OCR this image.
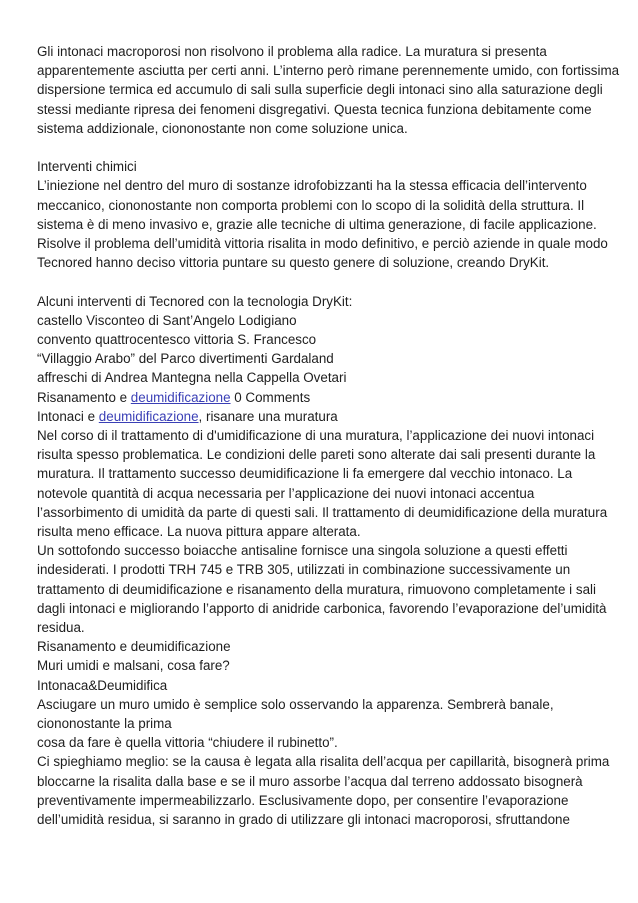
Gli intonaci macroporosi non risolvono il problema alla radice. La muratura si presenta
apparentemente asciutta per certi anni. L’interno però rimane perennemente umido, con fortissima
dispersione termica ed accumulo di sali sulla superficie degli intonaci sino alla saturazione degli
stessi mediante ripresa dei fenomeni disgregativi. Questa tecnica funziona debitamente come
sistema addizionale, ciononostante non come soluzione unica.
Interventi chimici
L’iniezione nel dentro del muro di sostanze idrofobizzanti ha la stessa efficacia dell’intervento
meccanico, ciononostante non comporta problemi con lo scopo di la solidità della struttura. Il
sistema è di meno invasivo e, grazie alle tecniche di ultima generazione, di facile applicazione.
Risolve il problema dell’umidità vittoria risalita in modo definitivo, e perciò aziende in quale modo
Tecnored hanno deciso vittoria puntare su questo genere di soluzione, creando DryKit.
Alcuni interventi di Tecnored con la tecnologia DryKit:
castello Visconteo di Sant’Angelo Lodigiano
convento quattrocentesco vittoria S. Francesco
“Villaggio Arabo” del Parco divertimenti Gardaland
affreschi di Andrea Mantegna nella Cappella Ovetari
Risanamento e deumidificazione 0 Comments
Intonaci e deumidificazione, risanare una muratura
Nel corso di il trattamento di d'umidificazione di una muratura, l’applicazione dei nuovi intonaci
risulta spesso problematica. Le condizioni delle pareti sono alterate dai sali presenti durante la
muratura. Il trattamento successo deumidificazione li fa emergere dal vecchio intonaco. La
notevole quantità di acqua necessaria per l’applicazione dei nuovi intonaci accentua
l’assorbimento di umidità da parte di questi sali. Il trattamento di deumidificazione della muratura
risulta meno efficace. La nuova pittura appare alterata.
Un sottofondo successo boiacche antisaline fornisce una singola soluzione a questi effetti
indesiderati. I prodotti TRH 745 e TRB 305, utilizzati in combinazione successivamente un
trattamento di deumidificazione e risanamento della muratura, rimuovono completamente i sali
dagli intonaci e migliorando l’apporto di anidride carbonica, favorendo l’evaporazione del’umidità
residua.
Risanamento e deumidificazione
Muri umidi e malsani, cosa fare?
Intonaca&Deumidifica
Asciugare un muro umido è semplice solo osservando la apparenza. Sembrerà banale,
ciononostante la prima
cosa da fare è quella vittoria “chiudere il rubinetto”.
Ci spieghiamo meglio: se la causa è legata alla risalita dell’acqua per capillarità, bisognerà prima
bloccarne la risalita dalla base e se il muro assorbe l’acqua dal terreno addossato bisognerà
preventivamente impermeabilizzarlo. Esclusivamente dopo, per consentire l’evaporazione
dell’umidità residua, si saranno in grado di utilizzare gli intonaci macroporosi, sfruttandone
